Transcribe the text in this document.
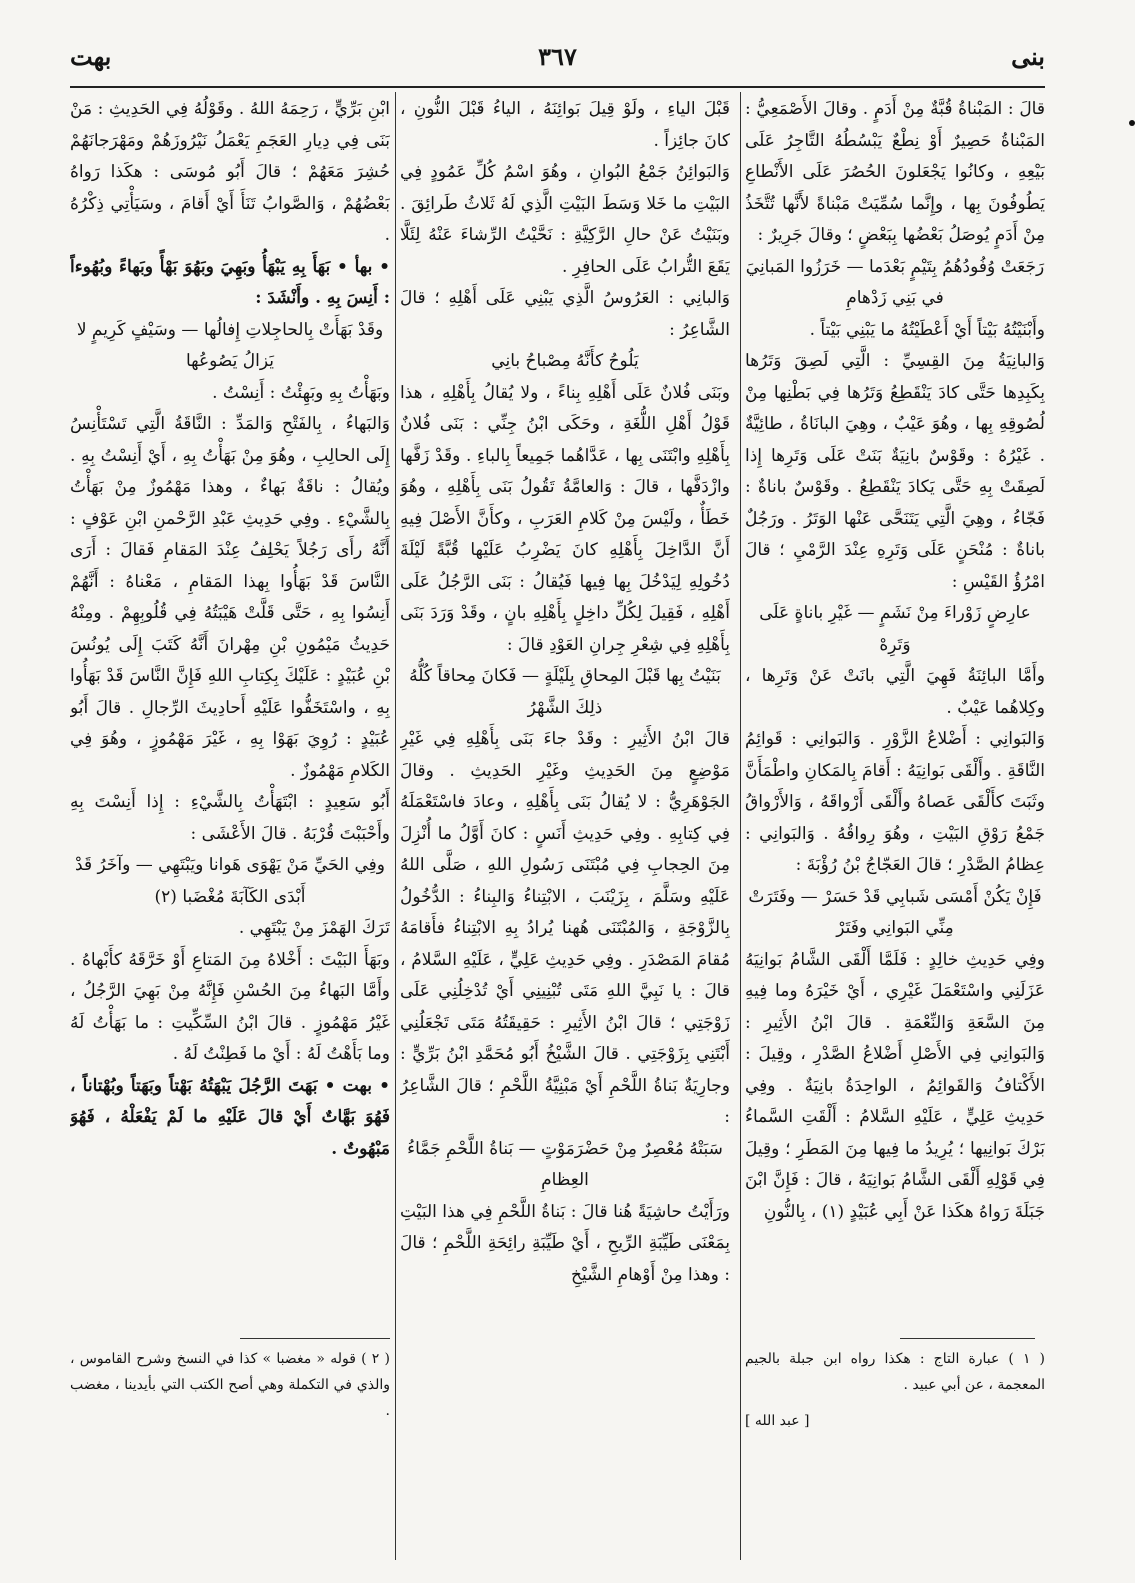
بنى
٣٦٧
بهت

قالَ : المَبْناةُ قُبَّةٌ مِنْ أَدَمٍ . وقالَ الأَصْمَعِيُّ : المَبْناةُ حَصِيرٌ أَوْ نِطْعٌ يَبْسُطُهُ التَّاجِرُ عَلَى بَيْعِهِ ، وكانُوا يَجْعَلونَ الحُصُرَ عَلَى الأَنْطاعِ يَطُوفُونَ بِها ، وإِنَّما سُمِّيَتْ مَبْناةً لأَنَّها تُتَّخَذُ مِنْ أَدَمٍ يُوصَلُ بَعْضُها بِبَعْضٍ ؛ وقالَ جَرِيرٌ :

رَجَعَتْ وُفُودُهُمُ بِتَيْمٍ بَعْدَما — خَرَزُوا المَبانِيَ في بَنِي زَدْهامِ

وأَبْنَيْتُهُ بَيْتاً أَيْ أَعْطَيْتُهُ ما يَبْنِي بَيْتاً .

وَالبانِيَةُ مِنَ القِسِيِّ : الَّتِي لَصِقَ وَتَرُها بِكَبِدِها حَتَّى كادَ يَنْقَطِعُ وَتَرُها فِي بَطْنِها مِنْ لُصُوقِهِ بِها ، وهُوَ عَيْبٌ ، وهِيَ البانَاةُ ، طائِيَّةٌ . غَيْرُهُ : وقَوْسٌ بانِيَةٌ بَنَتْ عَلَى وَتَرِها إِذا لَصِقَتْ بِهِ حَتَّى يَكادَ يَنْقَطِعُ . وقَوْسٌ باناةٌ : فَجّاءُ ، وهِيَ الَّتِي يَتَنَحَّى عَنْها الوَتَرُ . ورَجُلٌ باناةٌ : مُنْحَنٍ عَلَى وَتَرِهِ عِنْدَ الرَّمْيِ ؛ قالَ امْرُؤُ القَيْسِ :

عارِضٍ زَوْراءَ مِنْ نَشَمٍ — غَيْرِ باناةٍ عَلَى وَتَرِهْ

وأَمَّا البائِنَةُ فَهِيَ الَّتِي بانَتْ عَنْ وَتَرِها ، وكِلاهُما عَيْبٌ .

وَالبَوانِي : أَضْلاعُ الزَّوْرِ . وَالبَوانِي : قَوائِمُ النَّاقَةِ . وأَلْقَى بَوانِيَهُ : أَقامَ بِالمَكانِ واطْمَأَنَّ وثَبَتَ كأَلْقَى عَصاهُ وأَلْقَى أَرْواقَهُ ، وَالأَرْواقُ جَمْعُ رَوْقِ البَيْتِ ، وهُوَ رِواقُهُ . وَالبَوانِي : عِظامُ الصَّدْرِ ؛ قالَ العَجّاجُ بْنُ رُؤْبَةَ :

فَإِنْ يَكُنْ أَمْسَى شَبابِي قَدْ حَسَرْ — وفَتَرَتْ مِنِّي البَوانِي وفَتَرْ

وفِي حَدِيثِ خالِدٍ : فَلَمَّا أَلْقَى الشَّامُ بَوانِيَهُ عَزَلَنِي واسْتَعْمَلَ غَيْرِي ، أَيْ خَيْرَهُ وما فِيهِ مِنَ السَّعَةِ وَالنِّعْمَةِ . قالَ ابْنُ الأَثِيرِ : وَالبَوانِي فِي الأَصْلِ أَضْلاعُ الصَّدْرِ ، وقِيلَ : الأَكْتافُ وَالقَوائِمُ ، الواحِدَةُ بانِيَةٌ . وفِي حَدِيثِ عَلِيٍّ ، عَلَيْهِ السَّلامُ : أَلْقَتِ السَّماءُ بَرْكَ بَوانِيها ؛ يُرِيدُ ما فِيها مِنَ المَطَرِ ؛ وقِيلَ فِي قَوْلِهِ أَلْقَى الشَّامُ بَوانِيَهُ ، قالَ : فَإِنَّ ابْنَ جَبَلَةَ رَواهُ هكَذا عَنْ أَبِي عُبَيْدٍ (١) ، بِالنُّونِ

قَبْلَ الياءِ ، ولَوْ قِيلَ بَوائِنَهُ ، الياءُ قَبْلَ النُّونِ ، كانَ جائِزاً .

وَالبَوائِنُ جَمْعُ البُوانِ ، وهُوَ اسْمُ كُلِّ عَمُودٍ فِي البَيْتِ ما خَلا وَسَطَ البَيْتِ الَّذِي لَهُ ثَلاثُ طَرائِقَ . وبَنَيْتُ عَنْ حالِ الرَّكِيَّةِ : نَحَّيْتُ الرِّشاءَ عَنْهُ لِئَلَّا يَقَعَ التُّرابُ عَلَى الحافِرِ .

وَالبانِي : العَرُوسُ الَّذِي يَبْنِي عَلَى أَهْلِهِ ؛ قالَ الشَّاعِرُ :

يَلُوحُ كأَنَّهُ مِصْباحُ بانِي

وبَنَى فُلانٌ عَلَى أَهْلِهِ بِناءً ، ولا يُقالُ بِأَهْلِهِ ، هذا قَوْلُ أَهْلِ اللُّغَةِ ، وحَكَى ابْنُ جِنِّي : بَنَى فُلانٌ بِأَهْلِهِ وابْتَنَى بِها ، عَدَّاهُما جَمِيعاً بِالباءِ . وقَدْ زَفَّها وازْدَفَّها ، قالَ : وَالعامَّةُ تَقُولُ بَنَى بِأَهْلِهِ ، وهُوَ خَطَأٌ ، ولَيْسَ مِنْ كَلامِ العَرَبِ ، وكأَنَّ الأَصْلَ فِيهِ أَنَّ الدَّاخِلَ بِأَهْلِهِ كانَ يَضْرِبُ عَلَيْها قُبَّةً لَيْلَةَ دُخُولِهِ لِيَدْخُلَ بِها فِيها فَيُقالُ : بَنَى الرَّجُلُ عَلَى أَهْلِهِ ، فَقِيلَ لِكُلِّ داخِلٍ بِأَهْلِهِ بانٍ ، وقَدْ وَرَدَ بَنَى بِأَهْلِهِ فِي شِعْرِ جِرانِ العَوْدِ قالَ :

بَنَيْتُ بِها قَبْلَ المِحاقِ بِلَيْلَةٍ — فَكانَ مِحاقاً كُلُّهُ ذلِكَ الشَّهْرُ

قالَ ابْنُ الأَثِيرِ : وقَدْ جاءَ بَنَى بِأَهْلِهِ فِي غَيْرِ مَوْضِعٍ مِنَ الحَدِيثِ وغَيْرِ الحَدِيثِ . وقالَ الجَوْهَرِيُّ : لا يُقالُ بَنَى بِأَهْلِهِ ، وعادَ فاسْتَعْمَلَهُ فِي كِتابِهِ . وفِي حَدِيثِ أَنَسٍ : كانَ أَوَّلُ ما أُنْزِلَ مِنَ الحِجابِ فِي مُبْتَنَى رَسُولِ اللهِ ، صَلَّى اللهُ عَلَيْهِ وسَلَّمَ ، بِزَيْنَبَ ، الابْتِناءُ وَالبِناءُ : الدُّخُولُ بِالزَّوْجَةِ ، وَالمُبْتَنَى هُهنا يُرادُ بِهِ الابْتِناءُ فأَقامَهُ مُقامَ المَصْدَرِ . وفِي حَدِيثِ عَلِيٍّ ، عَلَيْهِ السَّلامُ ، قالَ : يا نَبِيَّ اللهِ مَتَى تُبْنِينِي أَيْ تُدْخِلُنِي عَلَى زَوْجَتِي ؛ قالَ ابْنُ الأَثِيرِ : حَقِيقَتُهُ مَتَى تَجْعَلُنِي أَبْتَنِي بِزَوْجَتِي . قالَ الشَّيْخُ أَبُو مُحَمَّدِ ابْنُ بَرِّيٍّ : وجارِيَةٌ بَناةُ اللَّحْمِ أَيْ مَبْنِيَّةُ اللَّحْمِ ؛ قالَ الشَّاعِرُ :

سَبَتْهُ مُعْصِرٌ مِنْ حَضْرَمَوْتٍ — بَناةُ اللَّحْمِ جَمَّاءُ العِظامِ

ورَأَيْتُ حاشِيَةً هُنا قالَ : بَناةُ اللَّحْمِ فِي هذا البَيْتِ بِمَعْنَى طَيِّبَةِ الرِّيحِ ، أَيْ طَيِّبَةِ رائِحَةِ اللَّحْمِ ؛ قالَ : وهذا مِنْ أَوْهامِ الشَّيْخِ

ابْنِ بَرِّيٍّ ، رَحِمَهُ اللهُ . وقَوْلُهُ فِي الحَدِيثِ : مَنْ بَنَى فِي دِيارِ العَجَمِ يَعْمَلُ نَيْرُوزَهُمْ ومَهْرَجانَهُمْ حُشِرَ مَعَهُمْ ؛ قالَ أَبُو مُوسَى : هكَذا رَواهُ بَعْضُهُمْ ، وَالصَّوابُ تَنَأَ أَيْ أَقامَ ، وسَيَأْتِي ذِكْرُهُ .

• بهأ • بَهَأَ بِهِ يَبْهَأُ وبَهِيَ وبَهُوَ بَهْأً وبَهاءً وبُهُوءاً : أَنِسَ بِهِ . وأَنْشَدَ :

وقَدْ بَهَأَتْ بِالحاجِلاتِ إِفالُها — وسَيْفٍ كَرِيمٍ لا يَزالُ يَصُوعُها

وبَهَأْتُ بِهِ وبَهِئْتُ : أَنِسْتُ .

وَالبَهاءُ ، بِالفَتْحِ وَالمَدِّ : النَّاقَةُ الَّتِي تَسْتَأْنِسُ إِلَى الحالِبِ ، وهُوَ مِنْ بَهَأْتُ بِهِ ، أَيْ أَنِسْتُ بِهِ . ويُقالُ : ناقَةٌ بَهاءٌ ، وهذا مَهْمُوزٌ مِنْ بَهَأْتُ بِالشَّيْءِ . وفِي حَدِيثِ عَبْدِ الرَّحْمنِ ابْنِ عَوْفٍ : أَنَّهُ رأَى رَجُلاً يَحْلِفُ عِنْدَ المَقامِ فَقالَ : أَرَى النَّاسَ قَدْ بَهَأُوا بِهذا المَقامِ ، مَعْناهُ : أَنَّهُمْ أَنِسُوا بِهِ ، حَتَّى قَلَّتْ هَيْبَتُهُ فِي قُلُوبِهِمْ . ومِنْهُ حَدِيثُ مَيْمُونِ بْنِ مِهْرانَ أَنَّهُ كَتَبَ إِلَى يُونُسَ بْنِ عُبَيْدٍ : عَلَيْكَ بِكِتابِ اللهِ فَإِنَّ النَّاسَ قَدْ بَهَأُوا بِهِ ، واسْتَخَفُّوا عَلَيْهِ أَحادِيثَ الرِّجالِ . قالَ أَبُو عُبَيْدٍ : رُوِيَ بَهَوْا بِهِ ، غَيْرَ مَهْمُوزٍ ، وهُوَ فِي الكَلامِ مَهْمُوزٌ .

أَبُو سَعِيدٍ : ابْتَهَأْتُ بِالشَّيْءِ : إِذا أَنِسْتَ بِهِ وأَحْبَبْتَ قُرْبَهُ . قالَ الأَعْشَى :

وفِي الحَيِّ مَنْ يَهْوَى هَوانا ويَبْتَهِي — وآخَرُ قَدْ أَبْدَى الكَآبَةَ مُغْضَبا (٢)

تَرَكَ الهَمْزَ مِنْ يَبْتَهِي .

وبَهَأَ البَيْتَ : أَخْلاهُ مِنَ المَتاعِ أَوْ خَرَّقَهُ كأَبْهاهُ . وأَمَّا البَهاءُ مِنَ الحُسْنِ فَإِنَّهُ مِنْ بَهِيَ الرَّجُلُ ، غَيْرُ مَهْمُوزٍ . قالَ ابْنُ السِّكِّيتِ : ما بَهَأْتُ لَهُ وما بَأَهْتُ لَهُ : أَيْ ما فَطِنْتُ لَهُ .

• بهت • بَهَتَ الرَّجُلَ يَبْهَتُهُ بَهْتاً وبَهَتاً وبُهْتاناً ، فَهُوَ بَهَّاتٌ أَيْ قالَ عَلَيْهِ ما لَمْ يَفْعَلْهُ ، فَهُوَ مَبْهُوتٌ .

( ١ ) عبارة التاج : هكذا رواه ابن جبلة بالجيم المعجمة ، عن أبي عبيد .

[ عبد الله ]

( ٢ ) قوله « مغضبا » كذا في النسخ وشرح القاموس ، والذي في التكملة وهي أصح الكتب التي بأيدينا ، مغضب .
